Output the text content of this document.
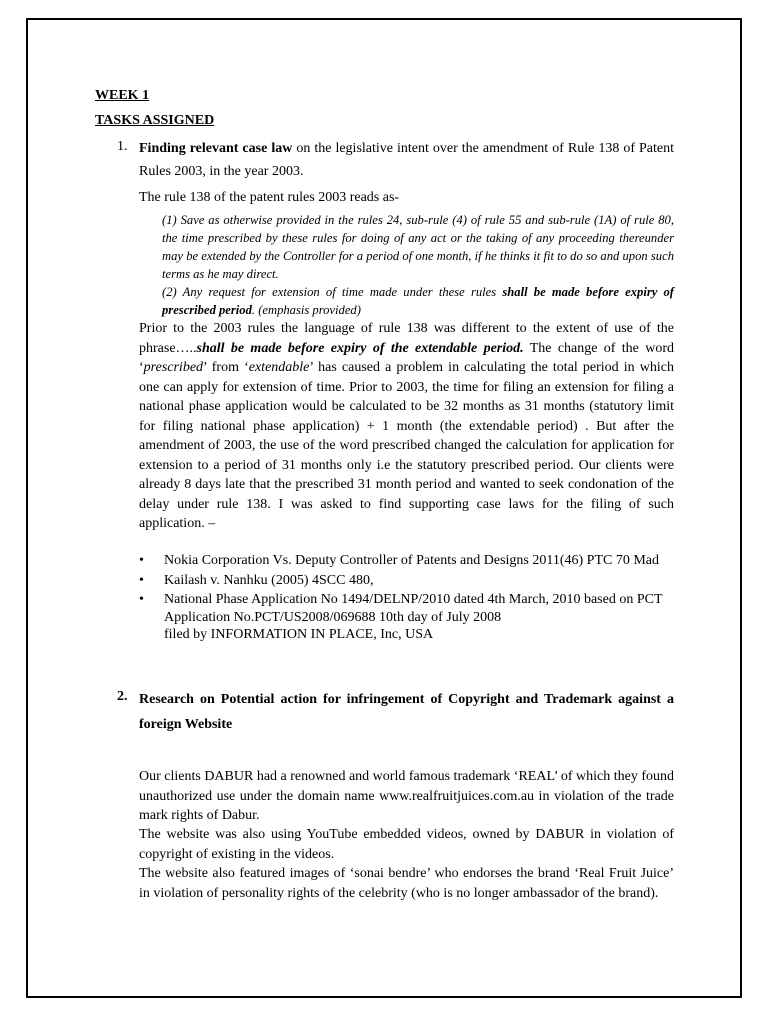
WEEK 1
TASKS ASSIGNED
1. Finding relevant case law on the legislative intent over the amendment of Rule 138 of Patent Rules 2003, in the year 2003.
The rule 138 of the patent rules 2003 reads as-
(1) Save as otherwise provided in the rules 24, sub-rule (4) of rule 55 and sub-rule (1A) of rule 80, the time prescribed by these rules for doing of any act or the taking of any proceeding thereunder may be extended by the Controller for a period of one month, if he thinks it fit to do so and upon such terms as he may direct.
(2) Any request for extension of time made under these rules shall be made before expiry of prescribed period. (emphasis provided)
Prior to the 2003 rules the language of rule 138 was different to the extent of use of the phrase…..shall be made before expiry of the extendable period. The change of the word ‘prescribed’ from ‘extendable’ has caused a problem in calculating the total period in which one can apply for extension of time. Prior to 2003, the time for filing an extension for filing a national phase application would be calculated to be 32 months as 31 months (statutory limit for filing national phase application) + 1 month (the extendable period) . But after the amendment of 2003, the use of the word prescribed changed the calculation for application for extension to a period of 31 months only i.e the statutory prescribed period. Our clients were already 8 days late that the prescribed 31 month period and wanted to seek condonation of the delay under rule 138. I was asked to find supporting case laws for the filing of such application. –
• Nokia Corporation Vs. Deputy Controller of Patents and Designs 2011(46) PTC 70 Mad
• Kailash v. Nanhku (2005) 4SCC 480,
• National Phase Application No 1494/DELNP/2010 dated 4th March, 2010 based on PCT Application No.PCT/US2008/069688 10th day of July 2008
filed by INFORMATION IN PLACE, Inc, USA
2. Research on Potential action for infringement of Copyright and Trademark against a foreign Website
Our clients DABUR had a renowned and world famous trademark ‘REAL’ of which they found unauthorized use under the domain name www.realfruitjuices.com.au in violation of the trade mark rights of Dabur.
The website was also using YouTube embedded videos, owned by DABUR in violation of copyright of existing in the videos.
The website also featured images of ‘sonai bendre’ who endorses the brand ‘Real Fruit Juice’ in violation of personality rights of the celebrity (who is no longer ambassador of the brand).
